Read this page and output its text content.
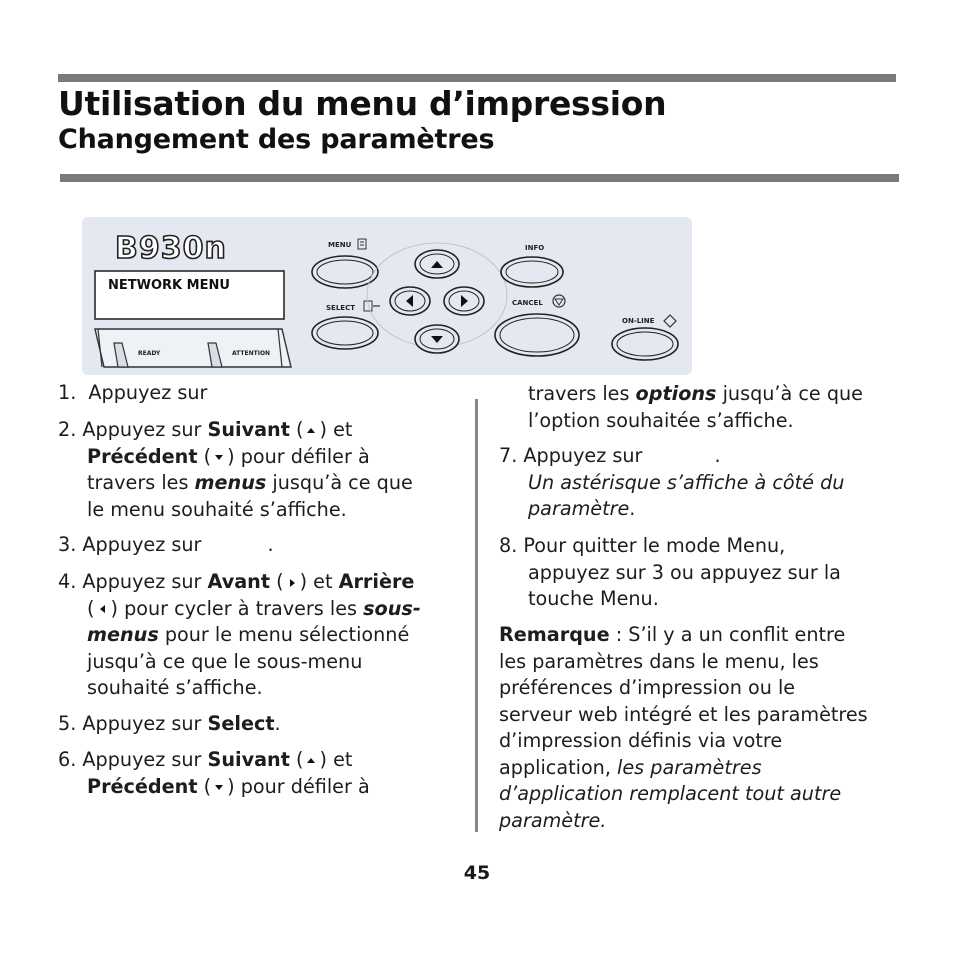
Utilisation du menu d’impression
Changement des paramètres
B930n
NETWORK MENU
READY	ATTENTION
MENU
SELECT
INFO
CANCEL
ON-LINE
1. Appuyez sur
2. Appuyez sur Suivant ( ) et
Précédent ( ) pour défiler à
travers les menus jusqu’à ce que
le menu souhaité s’affiche.
3. Appuyez sur	.
4. Appuyez sur Avant ( ) et Arrière
( ) pour cycler à travers les sous-
menus pour le menu sélectionné
jusqu’à ce que le sous-menu
souhaité s’affiche.
5. Appuyez sur Select.
6. Appuyez sur Suivant ( ) et
Précédent ( ) pour défiler à
travers les options jusqu’à ce que
l’option souhaitée s’affiche.
7. Appuyez sur	.
Un astérisque s’affiche à côté du
paramètre.
8. Pour quitter le mode Menu,
appuyez sur 3 ou appuyez sur la
touche Menu.
Remarque : S’il y a un conflit entre
les paramètres dans le menu, les
préférences d’impression ou le
serveur web intégré et les paramètres
d’impression définis via votre
application, les paramètres
d’application remplacent tout autre
paramètre.
45
